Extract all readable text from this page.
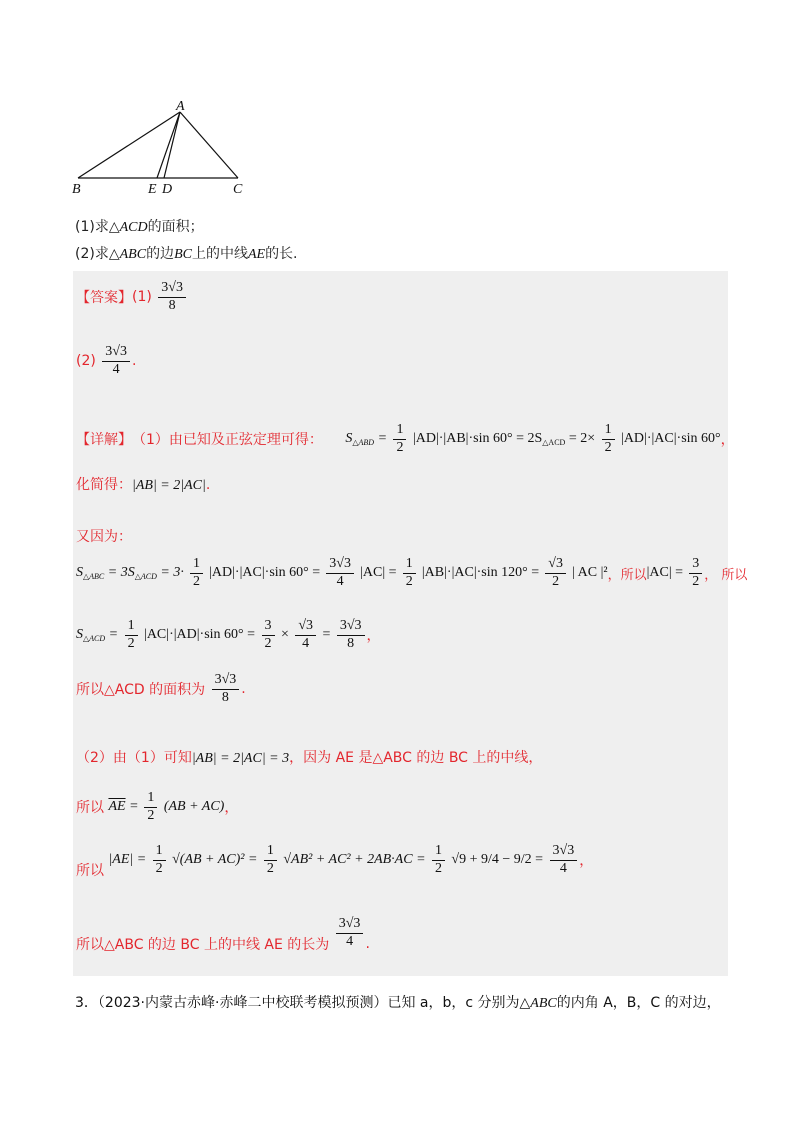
A
B	E D	C
(1)求△ACD的面积；
(2)求△ABC的边BC上的中线AE的长.
【答案】$(1) \frac{3√3}{8}$
$(2) \frac{3√3}{4}$ .
【详解】（1）由已知及正弦定理可得： $S_{\triangle ABD} = \frac{1}{2} |AD|\cdot|AB|\cdot\sin$ $60^\circ = 2S_{\triangle ACD} = 2\times \frac{1}{2} |AD|\cdot|AC|\cdot\sin$ 60°，
化简得：|AB| = 2|AC|.
又因为：
$S_{\triangle ABC} = 3S_{\triangle ACD} = 3\cdot \frac{1}{2} |AD|\cdot|AC|\cdot\sin$ $60^\circ = \frac{3√3}{4} |AC| = \frac{1}{2} |AB|\cdot|AC|\cdot\sin$ $120^\circ = \frac{√3}{2}$ | AC |²，所以$|AC| = \frac{3}{2}$ ， 所以
$S_{\triangle ACD} = \frac{1}{2} |AC|\cdot|AD|\cdot\sin$ $60^\circ = \frac{3}{2} \times \frac{√3}{4} = \frac{3√3}{8}$ ，
所以△ACD 的面积为 $\frac{3√3}{8}$ .
（2）由（1）可知|AB| = 2|AC| = 3，因为 AE 是△ABC 的边 BC 上的中线，
所以 $\overline{AE} = \frac{1}{2} (AB + AC)$，
所以 $|AE| = \frac{1}{2} √(AB + AC)^2 = \frac{1}{2} √AB^2 + AC^2 + 2AB\cdot AC = \frac{1}{2} √9 + 9/4 - 9/2 = \frac{3√3}{4}$ ，
所以△ABC 的边 BC 上的中线 AE 的长为 $\frac{3√3}{4}$ .
3．（2023·内蒙古赤峰·赤峰二中校联考模拟预测）已知 a，b，c 分别为△ABC的内角 A，B，C 的对边，
